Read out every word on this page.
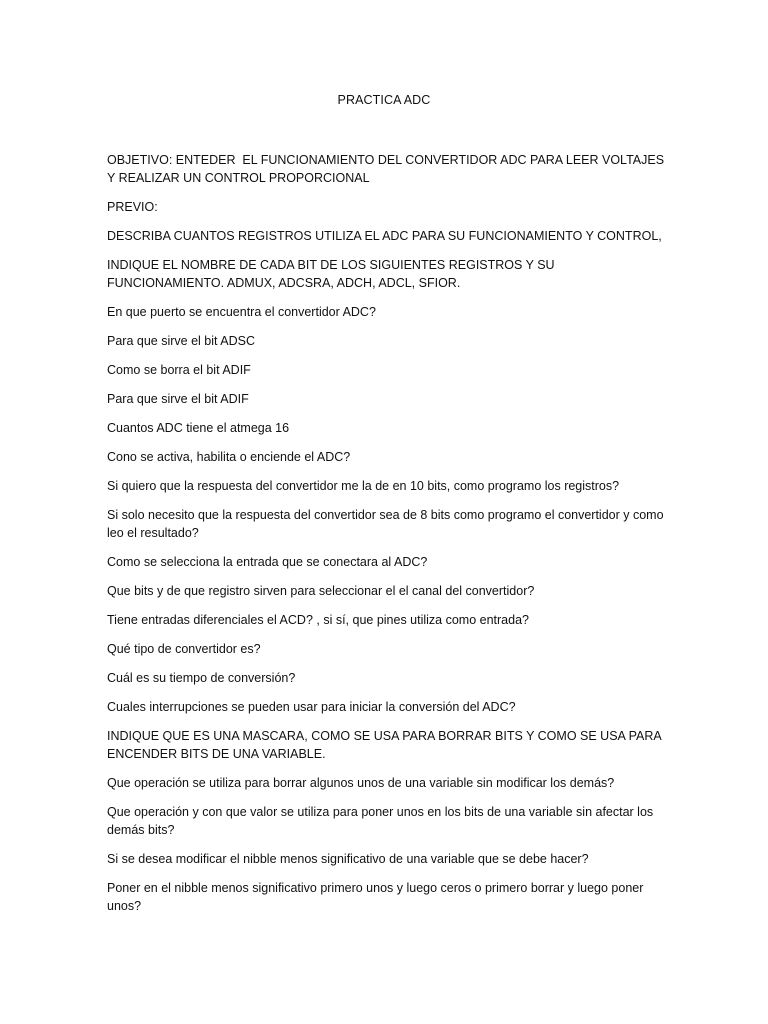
PRACTICA ADC

OBJETIVO: ENTEDER  EL FUNCIONAMIENTO DEL CONVERTIDOR ADC PARA LEER VOLTAJES Y REALIZAR UN CONTROL PROPORCIONAL

PREVIO:

DESCRIBA CUANTOS REGISTROS UTILIZA EL ADC PARA SU FUNCIONAMIENTO Y CONTROL,

INDIQUE EL NOMBRE DE CADA BIT DE LOS SIGUIENTES REGISTROS Y SU FUNCIONAMIENTO. ADMUX, ADCSRA, ADCH, ADCL, SFIOR.

En que puerto se encuentra el convertidor ADC?

Para que sirve el bit ADSC

Como se borra el bit ADIF

Para que sirve el bit ADIF

Cuantos ADC tiene el atmega 16

Cono se activa, habilita o enciende el ADC?

Si quiero que la respuesta del convertidor me la de en 10 bits, como programo los registros?

Si solo necesito que la respuesta del convertidor sea de 8 bits como programo el convertidor y como leo el resultado?

Como se selecciona la entrada que se conectara al ADC?

Que bits y de que registro sirven para seleccionar el el canal del convertidor?

Tiene entradas diferenciales el ACD? , si sí, que pines utiliza como entrada?

Qué tipo de convertidor es?

Cuál es su tiempo de conversión?

Cuales interrupciones se pueden usar para iniciar la conversión del ADC?

INDIQUE QUE ES UNA MASCARA, COMO SE USA PARA BORRAR BITS Y COMO SE USA PARA ENCENDER BITS DE UNA VARIABLE.

Que operación se utiliza para borrar algunos unos de una variable sin modificar los demás?

Que operación y con que valor se utiliza para poner unos en los bits de una variable sin afectar los demás bits?

Si se desea modificar el nibble menos significativo de una variable que se debe hacer?

Poner en el nibble menos significativo primero unos y luego ceros o primero borrar y luego poner unos?
